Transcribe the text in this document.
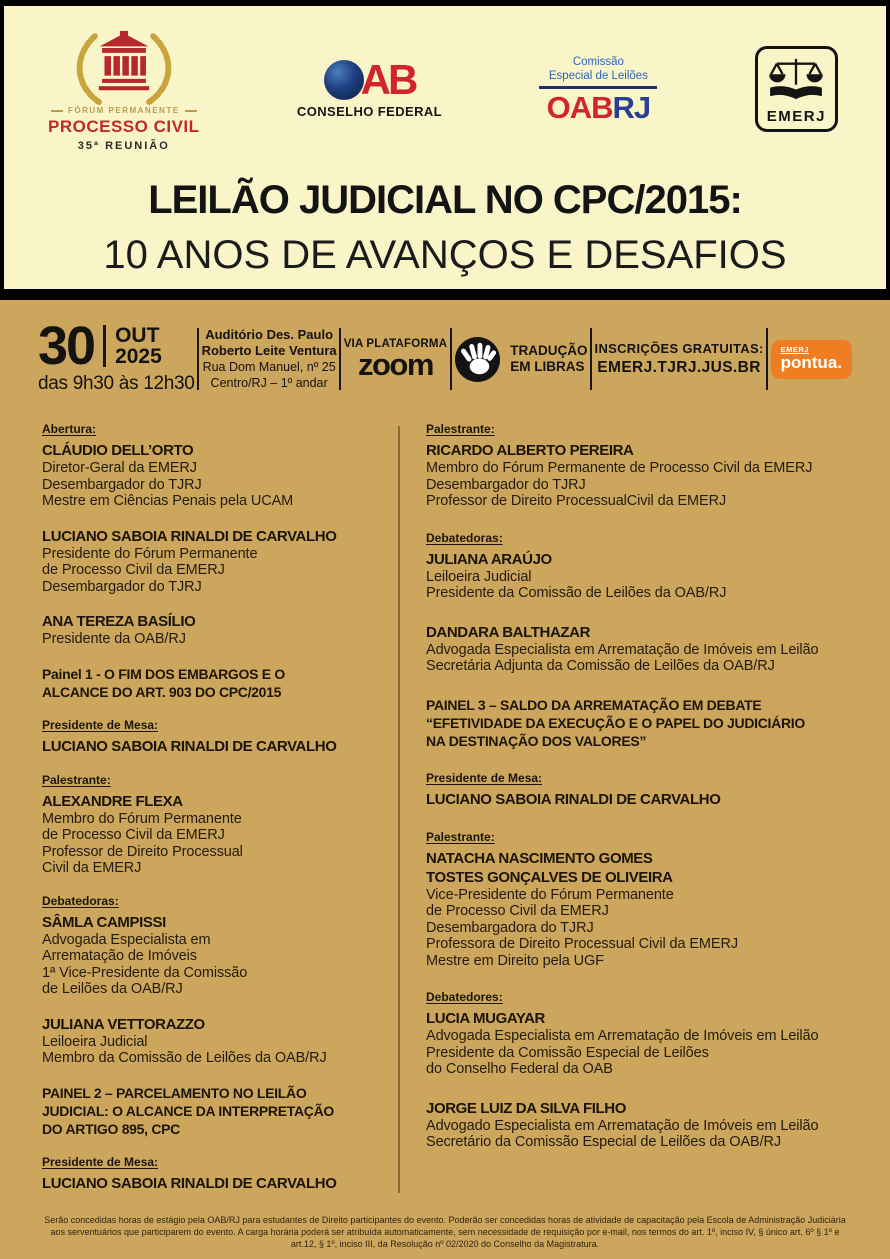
FÓRUM PERMANENTE
PROCESSO CIVIL
35ª REUNIÃO
AB
CONSELHO FEDERAL
Comissão
Especial de Leilões
OABRJ	EMERJ
LEILÃO JUDICIAL NO CPC/2015:
10 ANOS DE AVANÇOS E DESAFIOS
30 OUT
2025
das 9h30 às 12h30
Auditório Des. Paulo
Roberto Leite Ventura
Rua Dom Manuel, nº 25
Centro/RJ – 1º andar
VIA PLATAFORMA
zoom	TRADUÇÃO
EM LIBRAS
INSCRIÇÕES GRATUITAS:
EMERJ.TJRJ.JUS.BR
EMERJ
pontua.
Abertura:
CLÁUDIO DELL’ORTO
Diretor-Geral da EMERJ
Desembargador do TJRJ
Mestre em Ciências Penais pela UCAM
LUCIANO SABOIA RINALDI DE CARVALHO
Presidente do Fórum Permanente
de Processo Civil da EMERJ
Desembargador do TJRJ
ANA TEREZA BASÍLIO
Presidente da OAB/RJ
Painel 1 - O FIM DOS EMBARGOS E O
ALCANCE DO ART. 903 DO CPC/2015
Presidente de Mesa:
LUCIANO SABOIA RINALDI DE CARVALHO
Palestrante:
ALEXANDRE FLEXA
Membro do Fórum Permanente
de Processo Civil da EMERJ
Professor de Direito Processual
Civil da EMERJ
Debatedoras:
SÂMLA CAMPISSI
Advogada Especialista em
Arrematação de Imóveis
1ª Vice-Presidente da Comissão
de Leilões da OAB/RJ
JULIANA VETTORAZZO
Leiloeira Judicial
Membro da Comissão de Leilões da OAB/RJ
PAINEL 2 – PARCELAMENTO NO LEILÃO
JUDICIAL: O ALCANCE DA INTERPRETAÇÃO
DO ARTIGO 895, CPC
Presidente de Mesa:
LUCIANO SABOIA RINALDI DE CARVALHO
Palestrante:
RICARDO ALBERTO PEREIRA
Membro do Fórum Permanente de Processo Civil da EMERJ
Desembargador do TJRJ
Professor de Direito ProcessualCivil da EMERJ
Debatedoras:
JULIANA ARAÚJO
Leiloeira Judicial
Presidente da Comissão de Leilões da OAB/RJ
DANDARA BALTHAZAR
Advogada Especialista em Arrematação de Imóveis em Leilão
Secretária Adjunta da Comissão de Leilões da OAB/RJ
PAINEL 3 – SALDO DA ARREMATAÇÃO EM DEBATE
“EFETIVIDADE DA EXECUÇÃO E O PAPEL DO JUDICIÁRIO
NA DESTINAÇÃO DOS VALORES”
Presidente de Mesa:
LUCIANO SABOIA RINALDI DE CARVALHO
Palestrante:
NATACHA NASCIMENTO GOMES
TOSTES GONÇALVES DE OLIVEIRA
Vice-Presidente do Fórum Permanente
de Processo Civil da EMERJ
Desembargadora do TJRJ
Professora de Direito Processual Civil da EMERJ
Mestre em Direito pela UGF
Debatedores:
LUCIA MUGAYAR
Advogada Especialista em Arrematação de Imóveis em Leilão
Presidente da Comissão Especial de Leilões
do Conselho Federal da OAB
JORGE LUIZ DA SILVA FILHO
Advogado Especialista em Arrematação de Imóveis em Leilão
Secretário da Comissão Especial de Leilões da OAB/RJ
Serão concedidas horas de estágio pela OAB/RJ para estudantes de Direito participantes do evento. Poderão ser concedidas horas de atividade de capacitação pela Escola de Administração Judiciária aos serventuários que participarem do evento. A carga horária poderá ser atribuída automaticamente, sem necessidade de requisição por e-mail, nos termos do art. 1º, inciso IV, § único art. 6º § 1º e art.12, § 1º, inciso III, da Resolução nº 02/2020 do Conselho da Magistratura.
